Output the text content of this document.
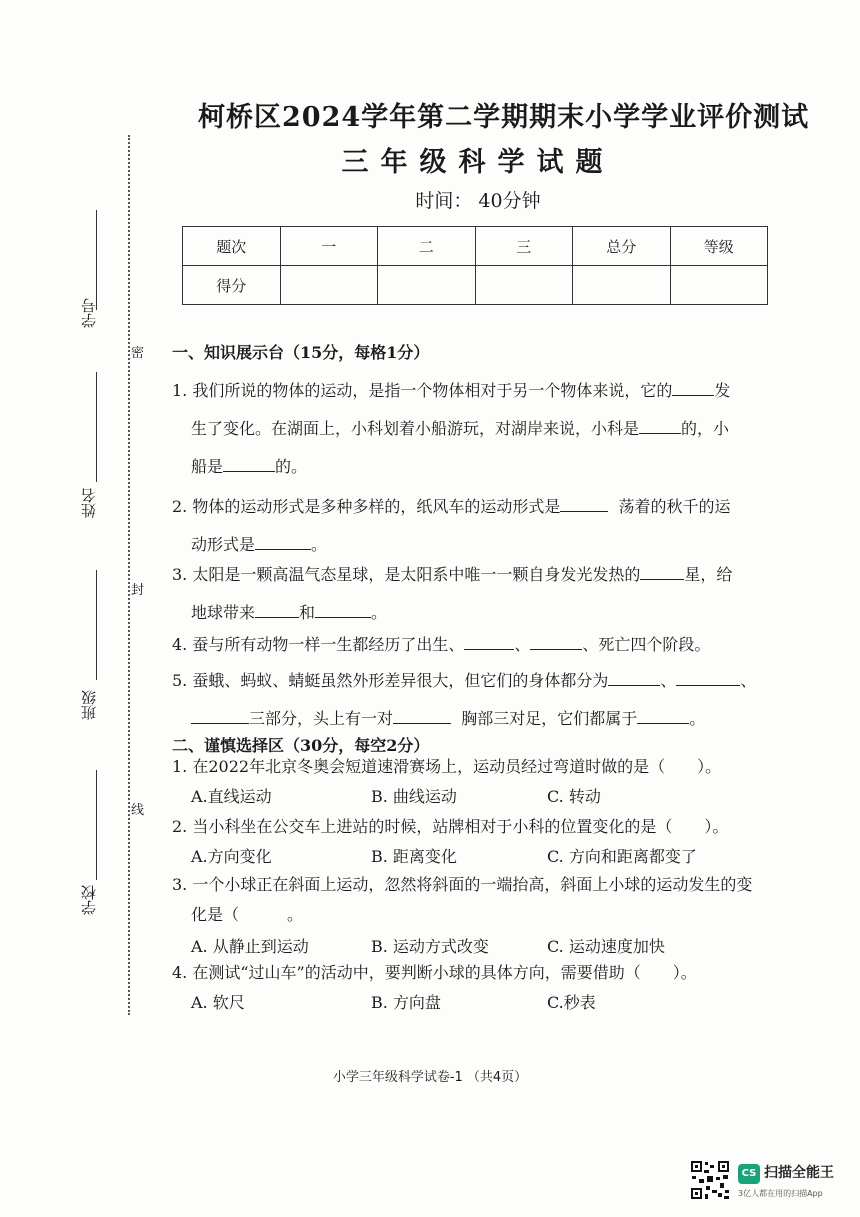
密
封
线
学号
姓名
班级
学校
柯桥区2024学年第二学期期末小学学业评价测试
三年级科学试题
时间： 40分钟
题次	一	二	三	总分	等级
得分					
一、知识展示台（15分，每格1分）

1. 我们所说的物体的运动，是指一个物体相对于另一个物体来说，它的	发

生了变化。在湖面上，小科划着小船游玩，对湖岸来说，小科是	的，小

船是	的。

2. 物体的运动形式是多种多样的，纸风车的运动形式是	荡着的秋千的运

动形式是	。

3. 太阳是一颗高温气态星球，是太阳系中唯一一颗自身发光发热的	星，给

地球带来	和	。

4. 蚕与所有动物一样一生都经历了出生、	、	、死亡四个阶段。

5. 蚕蛾、蚂蚁、蜻蜓虽然外形差异很大，但它们的身体都分为	、	、

三部分，头上有一对	胸部三对足，它们都属于	。

二、谨慎选择区（30分，每空2分）

1. 在2022年北京冬奥会短道速滑赛场上，运动员经过弯道时做的是（　　）。

A.直线运动	B. 曲线运动	C. 转动

2. 当小科坐在公交车上进站的时候，站牌相对于小科的位置变化的是（　　）。

A.方向变化	B. 距离变化	C. 方向和距离都变了

3. 一个小球正在斜面上运动，忽然将斜面的一端抬高，斜面上小球的运动发生的变

化是（　　　。

A. 从静止到运动	B. 运动方式改变	C. 运动速度加快

4. 在测试“过山车”的活动中，要判断小球的具体方向，需要借助（　　）。

A. 软尺	B. 方向盘	C.秒表
小学三年级科学试卷-1 （共4页）
CS 扫描全能王
3亿人都在用的扫描App
